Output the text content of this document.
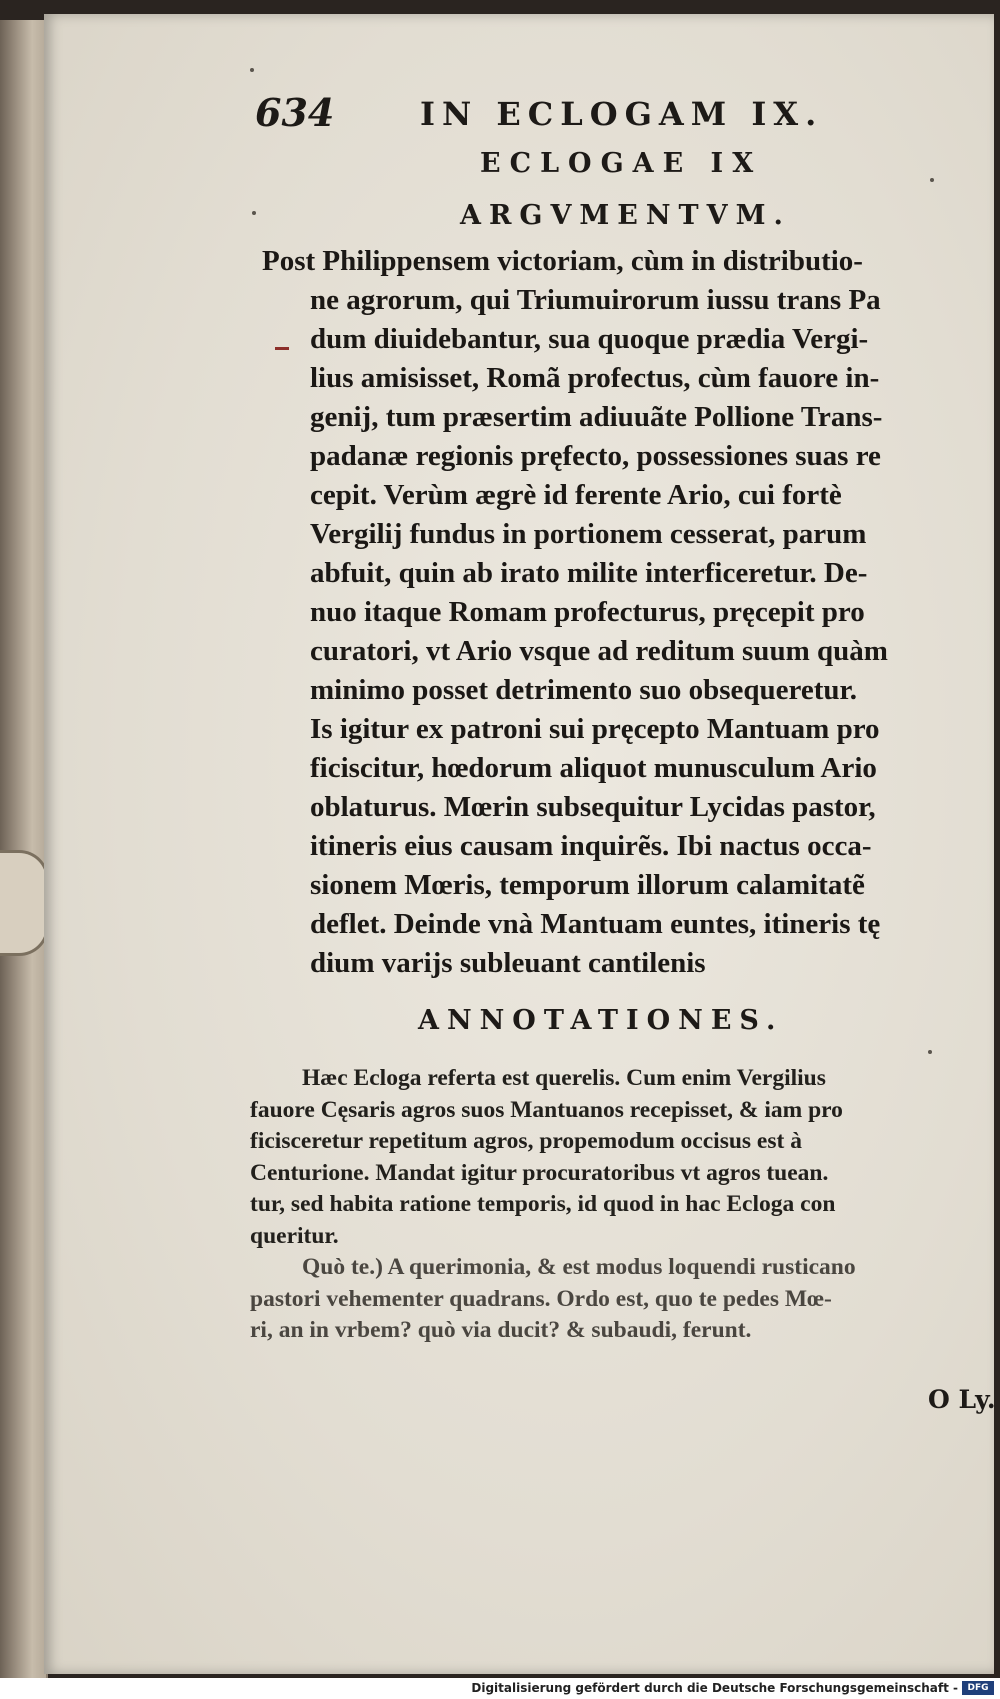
634	IN ECLOGAM IX.
ECLOGAE IX
ARGVMENTVM.
Post Philippensem victoriam, cùm in distributio-
ne agrorum, qui Triumuirorum iussu trans Pa
dum diuidebantur, sua quoque prædia Vergi-
lius amisisset, Romã profectus, cùm fauore in-
genij, tum præsertim adiuuãte Pollione Trans-
padanæ regionis pręfecto, possessiones suas re
cepit. Verùm ægrè id ferente Ario, cui fortè
Vergilij fundus in portionem cesserat, parum
abfuit, quin ab irato milite interficeretur. De-
nuo itaque Romam profecturus, pręcepit pro
curatori, vt Ario vsque ad reditum suum quàm
minimo posset detrimento suo obsequeretur.
Is igitur ex patroni sui pręcepto Mantuam pro
ficiscitur, hœdorum aliquot munusculum Ario
oblaturus. Mœrin subsequitur Lycidas pastor,
itineris eius causam inquirẽs. Ibi nactus occa-
sionem Mœris, temporum illorum calamitatẽ
deflet. Deinde vnà Mantuam euntes, itineris tę
dium varijs subleuant cantilenis
ANNOTATIONES.
Hæc Ecloga referta est querelis. Cum enim Vergilius
fauore Cęsaris agros suos Mantuanos recepisset, & iam pro
ficisceretur repetitum agros, propemodum occisus est à
Centurione. Mandat igitur procuratoribus vt agros tuean.
tur, sed habita ratione temporis, id quod in hac Ecloga con
queritur.
Quò te.) A querimonia, & est modus loquendi rusticano
pastori vehementer quadrans. Ordo est, quo te pedes Mœ-
ri, an in vrbem? quò via ducit? & subaudi, ferunt.
O Ly.
Digitalisierung gefördert durch die Deutsche Forschungsgemeinschaft -	DFG
